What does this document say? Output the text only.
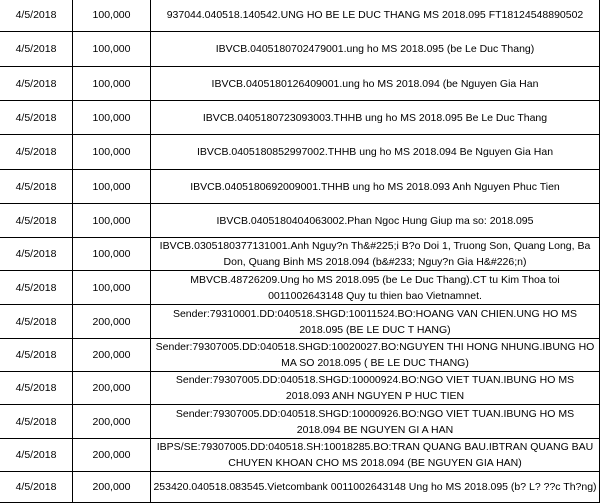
4/5/2018	100,000	937044.040518.140542.UNG HO BE LE DUC THANG MS 2018.095 FT18124548890502
4/5/2018	100,000	IBVCB.0405180702479001.ung ho MS 2018.095 (be Le Duc Thang)
4/5/2018	100,000	IBVCB.0405180126409001.ung ho MS 2018.094 (be Nguyen Gia Han
4/5/2018	100,000	IBVCB.0405180723093003.THHB ung ho MS 2018.095 Be Le Duc Thang
4/5/2018	100,000	IBVCB.0405180852997002.THHB ung ho MS 2018.094 Be Nguyen Gia Han
4/5/2018	100,000	IBVCB.0405180692009001.THHB ung ho MS 2018.093 Anh Nguyen Phuc Tien
4/5/2018	100,000	IBVCB.0405180404063002.Phan Ngoc Hung Giup ma so: 2018.095
4/5/2018	100,000	IBVCB.0305180377131001.Anh Nguy?n Th&#225;i B?o Doi 1, Truong Son, Quang Long, Ba Don, Quang Binh MS 2018.094 (b&#233; Nguy?n Gia H&#226;n)
4/5/2018	100,000	MBVCB.48726209.Ung ho MS 2018.095 (be Le Duc Thang).CT tu Kim Thoa toi 0011002643148 Quy tu thien bao Vietnamnet.
4/5/2018	200,000	Sender:79310001.DD:040518.SHGD:10011524.BO:HOANG VAN CHIEN.UNG HO MS 2018.095 (BE LE DUC T HANG)
4/5/2018	200,000	Sender:79307005.DD:040518.SHGD:10020027.BO:NGUYEN THI HONG NHUNG.IBUNG HO MA SO 2018.095 ( BE LE DUC THANG)
4/5/2018	200,000	Sender:79307005.DD:040518.SHGD:10000924.BO:NGO VIET TUAN.IBUNG HO MS 2018.093 ANH NGUYEN P HUC TIEN
4/5/2018	200,000	Sender:79307005.DD:040518.SHGD:10000926.BO:NGO VIET TUAN.IBUNG HO MS 2018.094 BE NGUYEN GI A HAN
4/5/2018	200,000	IBPS/SE:79307005.DD:040518.SH:10018285.BO:TRAN QUANG BAU.IBTRAN QUANG BAU CHUYEN KHOAN CHO MS 2018.094 (BE NGUYEN GIA HAN)
4/5/2018	200,000	253420.040518.083545.Vietcombank 0011002643148 Ung ho MS 2018.095 (b? L? ??c Th?ng)
